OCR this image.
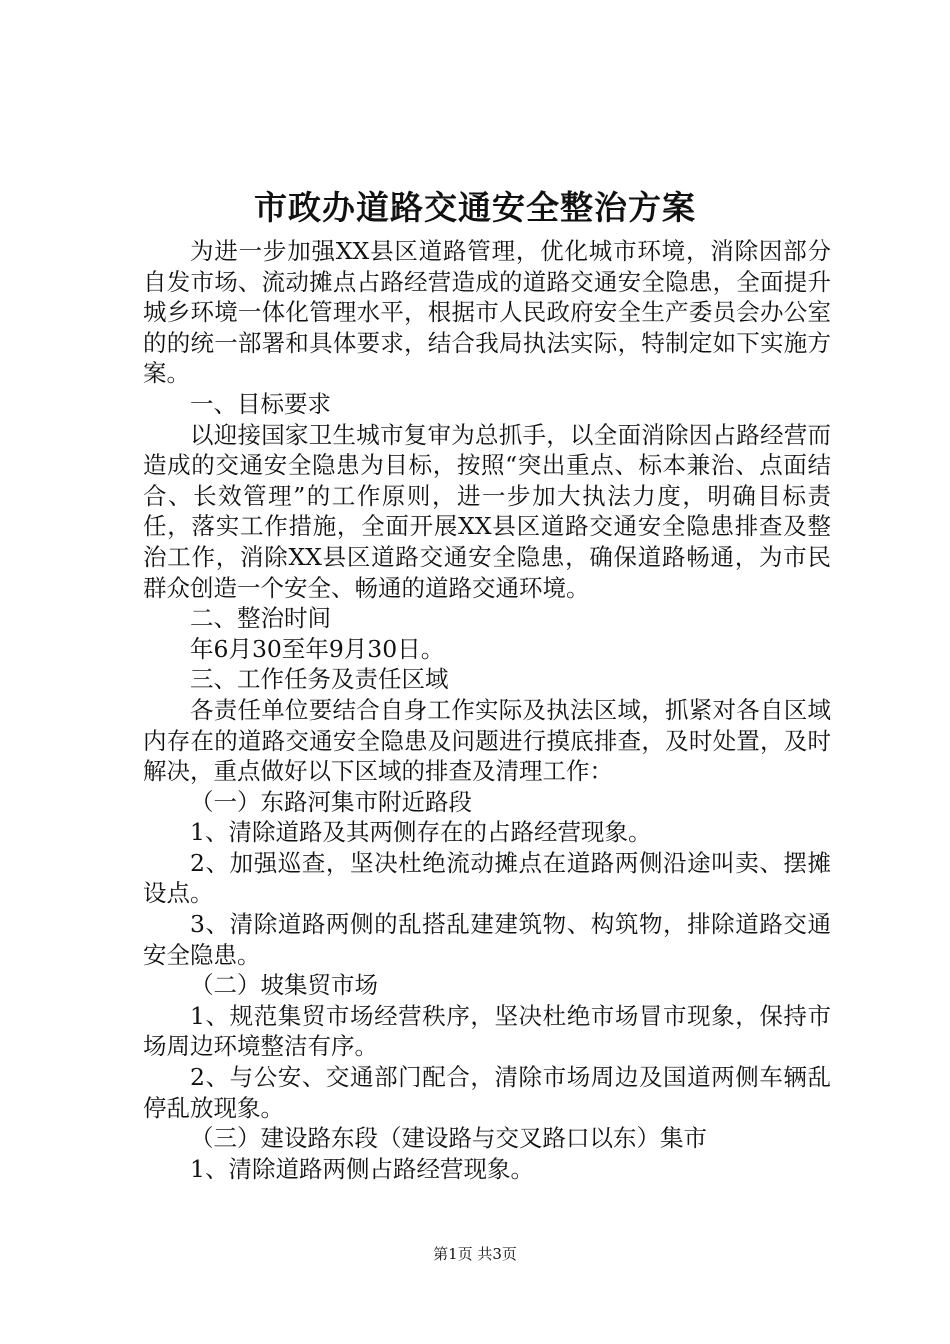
市政办道路交通安全整治方案

为进一步加强XX县区道路管理，优化城市环境，消除因部分自发市场、流动摊点占路经营造成的道路交通安全隐患，全面提升城乡环境一体化管理水平，根据市人民政府安全生产委员会办公室的的统一部署和具体要求，结合我局执法实际，特制定如下实施方案。

一、目标要求

以迎接国家卫生城市复审为总抓手，以全面消除因占路经营而造成的交通安全隐患为目标，按照“突出重点、标本兼治、点面结合、长效管理”的工作原则，进一步加大执法力度，明确目标责任，落实工作措施，全面开展XX县区道路交通安全隐患排查及整治工作，消除XX县区道路交通安全隐患，确保道路畅通，为市民群众创造一个安全、畅通的道路交通环境。

二、整治时间

年6月30至年9月30日。

三、工作任务及责任区域

各责任单位要结合自身工作实际及执法区域，抓紧对各自区域内存在的道路交通安全隐患及问题进行摸底排查，及时处置，及时解决，重点做好以下区域的排查及清理工作：

（一）东路河集市附近路段

1、清除道路及其两侧存在的占路经营现象。

2、加强巡查，坚决杜绝流动摊点在道路两侧沿途叫卖、摆摊设点。

3、清除道路两侧的乱搭乱建建筑物、构筑物，排除道路交通安全隐患。

（二）坡集贸市场

1、规范集贸市场经营秩序，坚决杜绝市场冒市现象，保持市场周边环境整洁有序。

2、与公安、交通部门配合，清除市场周边及国道两侧车辆乱停乱放现象。

（三）建设路东段（建设路与交叉路口以东）集市

1、清除道路两侧占路经营现象。

第1页 共3页
